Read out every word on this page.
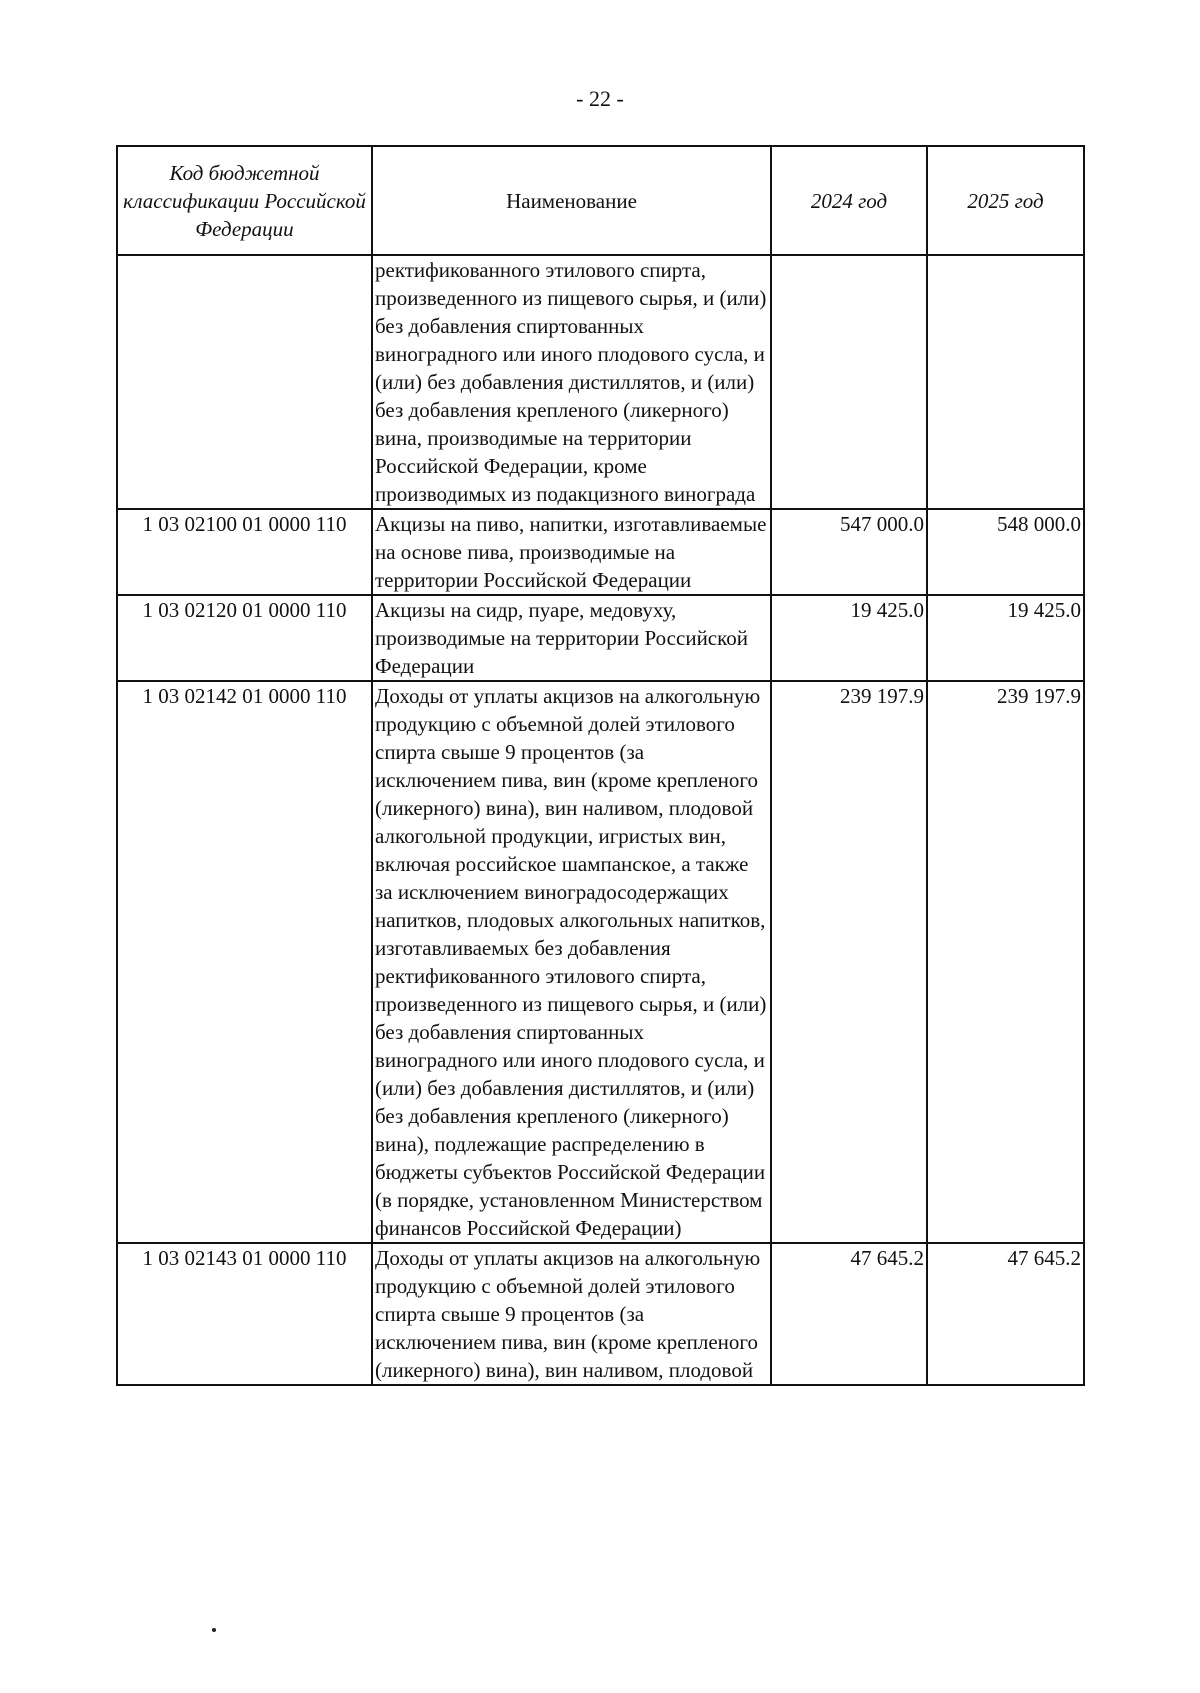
- 22 -
Код бюджетной классификации Российской Федерации	Наименование	2024 год	2025 год
	ректификованного этилового спирта, произведенного из пищевого сырья, и (или) без добавления спиртованных виноградного или иного плодового сусла, и (или) без добавления дистиллятов, и (или) без добавления крепленого (ликерного) вина, производимые на территории Российской Федерации, кроме производимых из подакцизного винограда		
1 03 02100 01 0000 110	Акцизы на пиво, напитки, изготавливаемые на основе пива, производимые на территории Российской Федерации	547 000.0	548 000.0
1 03 02120 01 0000 110	Акцизы на сидр, пуаре, медовуху, производимые на территории Российской Федерации	19 425.0	19 425.0
1 03 02142 01 0000 110	Доходы от уплаты акцизов на алкогольную продукцию с объемной долей этилового спирта свыше 9 процентов (за исключением пива, вин (кроме крепленого (ликерного) вина), вин наливом, плодовой алкогольной продукции, игристых вин, включая российское шампанское, а также за исключением виноградосодержащих напитков, плодовых алкогольных напитков, изготавливаемых без добавления ректификованного этилового спирта, произведенного из пищевого сырья, и (или) без добавления спиртованных виноградного или иного плодового сусла, и (или) без добавления дистиллятов, и (или) без добавления крепленого (ликерного) вина), подлежащие распределению в бюджеты субъектов Российской Федерации (в порядке, установленном Министерством финансов Российской Федерации)	239 197.9	239 197.9
1 03 02143 01 0000 110	Доходы от уплаты акцизов на алкогольную продукцию с объемной долей этилового спирта свыше 9 процентов (за исключением пива, вин (кроме крепленого (ликерного) вина), вин наливом, плодовой	47 645.2	47 645.2
